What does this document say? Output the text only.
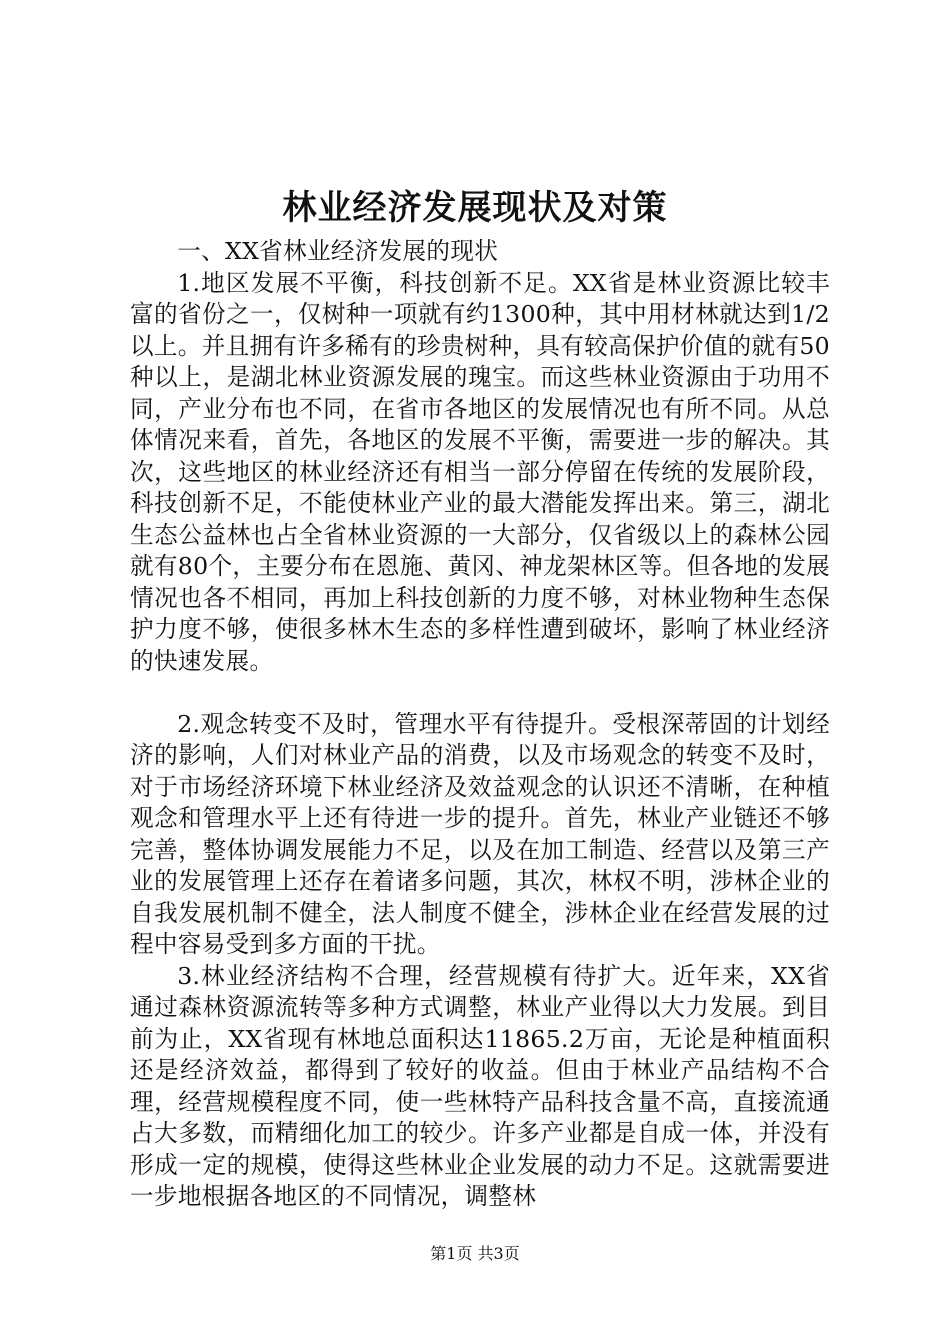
林业经济发展现状及对策

一、XX省林业经济发展的现状

1.地区发展不平衡，科技创新不足。XX省是林业资源比较丰富的省份之一，仅树种一项就有约1300种，其中用材林就达到1/2以上。并且拥有许多稀有的珍贵树种，具有较高保护价值的就有50种以上，是湖北林业资源发展的瑰宝。而这些林业资源由于功用不同，产业分布也不同，在省市各地区的发展情况也有所不同。从总体情况来看，首先，各地区的发展不平衡，需要进一步的解决。其次，这些地区的林业经济还有相当一部分停留在传统的发展阶段，科技创新不足，不能使林业产业的最大潜能发挥出来。第三，湖北生态公益林也占全省林业资源的一大部分，仅省级以上的森林公园就有80个，主要分布在恩施、黄冈、神龙架林区等。但各地的发展情况也各不相同，再加上科技创新的力度不够，对林业物种生态保护力度不够，使很多林木生态的多样性遭到破坏，影响了林业经济的快速发展。

2.观念转变不及时，管理水平有待提升。受根深蒂固的计划经济的影响，人们对林业产品的消费，以及市场观念的转变不及时，对于市场经济环境下林业经济及效益观念的认识还不清晰，在种植观念和管理水平上还有待进一步的提升。首先，林业产业链还不够完善，整体协调发展能力不足，以及在加工制造、经营以及第三产业的发展管理上还存在着诸多问题，其次，林权不明，涉林企业的自我发展机制不健全，法人制度不健全，涉林企业在经营发展的过程中容易受到多方面的干扰。

3.林业经济结构不合理，经营规模有待扩大。近年来，XX省通过森林资源流转等多种方式调整，林业产业得以大力发展。到目前为止，XX省现有林地总面积达11865.2万亩，无论是种植面积还是经济效益，都得到了较好的收益。但由于林业产品结构不合理，经营规模程度不同，使一些林特产品科技含量不高，直接流通占大多数，而精细化加工的较少。许多产业都是自成一体，并没有形成一定的规模，使得这些林业企业发展的动力不足。这就需要进一步地根据各地区的不同情况，调整林

第1页 共3页
